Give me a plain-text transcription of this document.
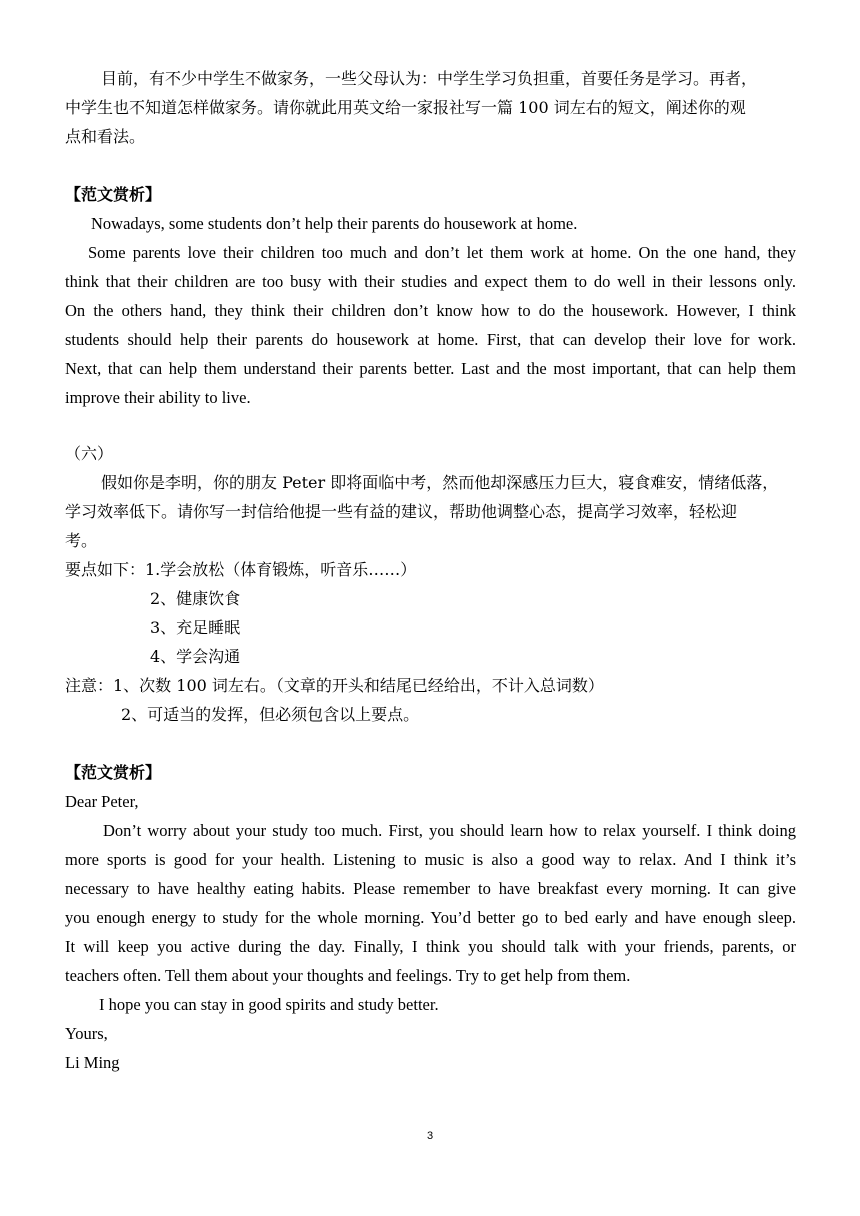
目前，有不少中学生不做家务，一些父母认为：中学生学习负担重，首要任务是学习。再者，

中学生也不知道怎样做家务。请你就此用英文给一家报社写一篇 100 词左右的短文，阐述你的观

点和看法。

【范文赏析】

Nowadays, some students don’t help their parents do housework at home.

Some parents love their children too much and don’t let them work at home. On the one hand, they

think that their children are too busy with their studies and expect them to do well in their lessons only.

On the others hand, they think their children don’t know how to do the housework. However, I think

students should help their parents do housework at home. First, that can develop their love for work.

Next, that can help them understand their parents better. Last and the most important, that can help them

improve their ability to live.

（六）

假如你是李明，你的朋友 Peter 即将面临中考，然而他却深感压力巨大，寝食难安，情绪低落，

学习效率低下。请你写一封信给他提一些有益的建议，帮助他调整心态，提高学习效率，轻松迎

考。

要点如下：1.学会放松（体育锻炼，听音乐……）

2、健康饮食

3、充足睡眠

4、学会沟通

注意：1、次数 100 词左右。（文章的开头和结尾已经给出，不计入总词数）

2、可适当的发挥，但必须包含以上要点。

【范文赏析】

Dear Peter,

Don’t worry about your study too much. First, you should learn how to relax yourself. I think doing

more sports is good for your health. Listening to music is also a good way to relax. And I think it’s

necessary to have healthy eating habits. Please remember to have breakfast every morning. It can give

you enough energy to study for the whole morning. You’d better go to bed early and have enough sleep.

It will keep you active during the day. Finally, I think you should talk with your friends, parents, or

teachers often. Tell them about your thoughts and feelings. Try to get help from them.

I hope you can stay in good spirits and study better.

Yours,

Li Ming

3
